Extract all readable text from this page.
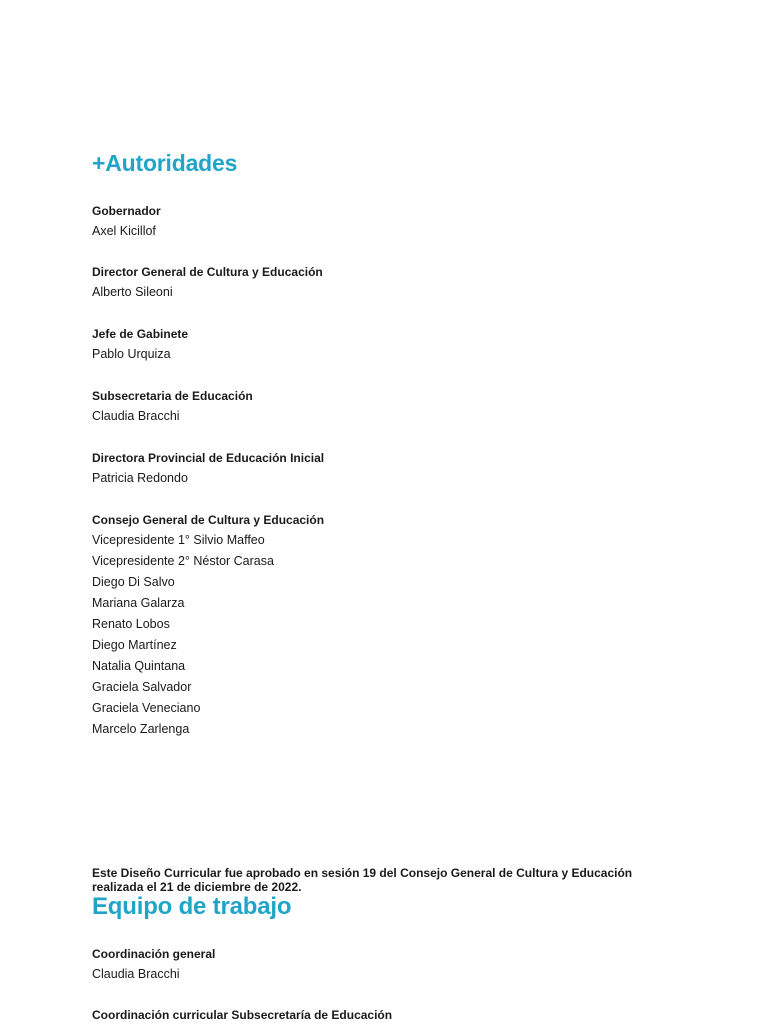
+Autoridades

Gobernador

Axel Kicillof

Director General de Cultura y Educación

Alberto Sileoni

Jefe de Gabinete

Pablo Urquiza

Subsecretaria de Educación

Claudia Bracchi

Directora Provincial de Educación Inicial

Patricia Redondo

Consejo General de Cultura y Educación

Vicepresidente 1° Silvio Maffeo
Vicepresidente 2° Néstor Carasa
Diego Di Salvo
Mariana Galarza
Renato Lobos
Diego Martínez
Natalia Quintana
Graciela Salvador
Graciela Veneciano
Marcelo Zarlenga

Este Diseño Curricular fue aprobado en sesión 19 del Consejo General de Cultura y Educación realizada el 21 de diciembre de 2022.

Equipo de trabajo

Coordinación general

Claudia Bracchi

Coordinación curricular Subsecretaría de Educación
